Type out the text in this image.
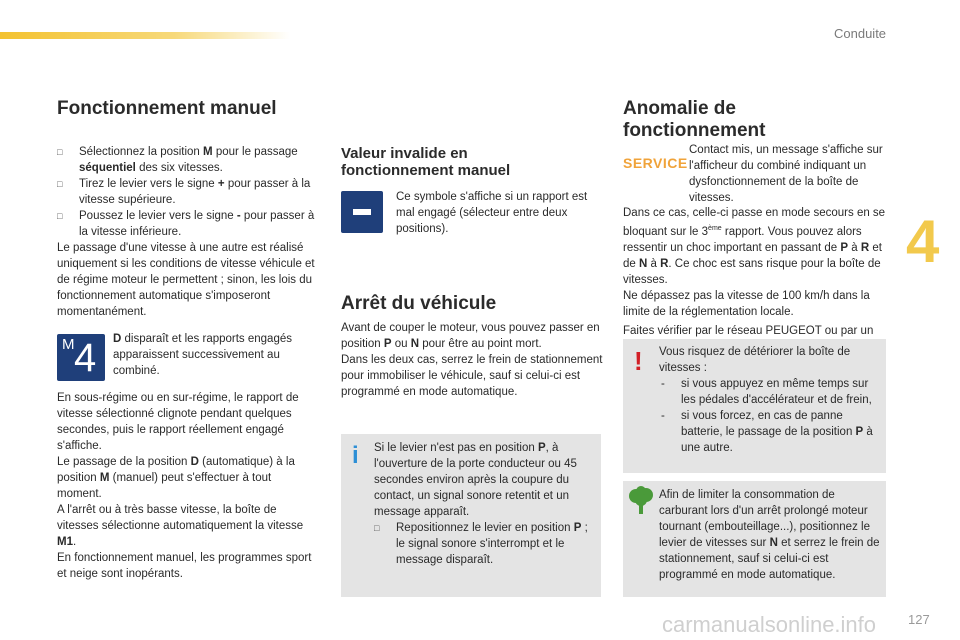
Conduite
4
Fonctionnement manuel
□ Sélectionnez la position M pour le passage séquentiel des six vitesses.
□ Tirez le levier vers le signe + pour passer à la vitesse supérieure.
□ Poussez le levier vers le signe - pour passer à la vitesse inférieure.
Le passage d'une vitesse à une autre est réalisé uniquement si les conditions de vitesse véhicule et de régime moteur le permettent ; sinon, les lois du fonctionnement automatique s'imposeront momentanément.
M 4 D disparaît et les rapports engagés apparaissent successivement au combiné.
En sous-régime ou en sur-régime, le rapport de vitesse sélectionné clignote pendant quelques secondes, puis le rapport réellement engagé s'affiche.
Le passage de la position D (automatique) à la position M (manuel) peut s'effectuer à tout moment.
A l'arrêt ou à très basse vitesse, la boîte de vitesses sélectionne automatiquement la vitesse M1.
En fonctionnement manuel, les programmes sport et neige sont inopérants.
Valeur invalide en
fonctionnement manuel
Ce symbole s'affiche si un rapport est mal engagé (sélecteur entre deux positions).
Arrêt du véhicule
Avant de couper le moteur, vous pouvez passer en position P ou N pour être au point mort.
Dans les deux cas, serrez le frein de stationnement pour immobiliser le véhicule, sauf si celui-ci est programmé en mode automatique.
i Si le levier n'est pas en position P, à l'ouverture de la porte conducteur ou 45 secondes environ après la coupure du contact, un signal sonore retentit et un message apparaît.
□ Repositionnez le levier en position P ; le signal sonore s'interrompt et le message disparaît.
Anomalie de
fonctionnement
SERVICE
Contact mis, un message s'affiche sur l'afficheur du combiné indiquant un dysfonctionnement de la boîte de vitesses.
Dans ce cas, celle-ci passe en mode secours en se bloquant sur le 3ème rapport. Vous pouvez alors ressentir un choc important en passant de P à R et de N à R. Ce choc est sans risque pour la boîte de vitesses.
Ne dépassez pas la vitesse de 100 km/h dans la limite de la réglementation locale.
Faites vérifier par le réseau PEUGEOT ou par un
! Vous risquez de détériorer la boîte de vitesses :
- si vous appuyez en même temps sur les pédales d'accélérateur et de frein,
- si vous forcez, en cas de panne batterie, le passage de la position P à une autre.
Afin de limiter la consommation de carburant lors d'un arrêt prolongé moteur tournant (embouteillage...), positionnez le levier de vitesses sur N et serrez le frein de stationnement, sauf si celui-ci est programmé en mode automatique.
carmanualsonline.info 127
